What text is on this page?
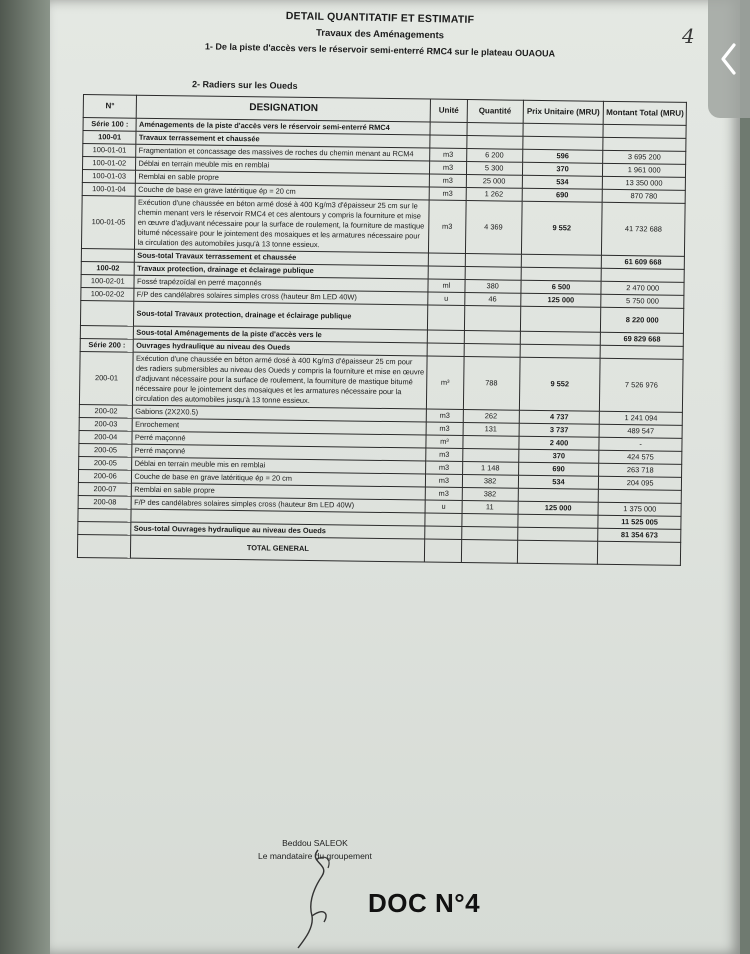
DETAIL QUANTITATIF ET ESTIMATIF
Travaux des Aménagements
1- De la piste d'accès vers le réservoir semi-enterré RMC4 sur le plateau OUAOUA
2- Radiers sur les Oueds
4
N°	DESIGNATION	Unité	Quantité	Prix Unitaire (MRU)	Montant Total (MRU)
Série 100 :	Aménagements de la piste d'accès vers le réservoir semi-enterré RMC4				
100-01	Travaux terrassement et chaussée				
100-01-01	Fragmentation et concassage des massives de roches du chemin menant au RCM4	m3	6 200	596	3 695 200
100-01-02	Déblai en terrain meuble mis en remblai	m3	5 300	370	1 961 000
100-01-03	Remblai en sable propre	m3	25 000	534	13 350 000
100-01-04	Couche de base en grave latéritique ép = 20 cm	m3	1 262	690	870 780
100-01-05	Exécution d'une chaussée en béton armé dosé à 400 Kg/m3 d'épaisseur 25 cm sur le chemin menant vers le réservoir RMC4 et ces alentours y compris la fourniture et mise en œuvre d'adjuvant nécessaire pour la surface de roulement, la fourniture de mastique bitumé nécessaire pour le jointement des mosaiques et les armatures nécessaire pour la circulation des automobiles jusqu'à 13 tonne essieux.	m3	4 369	9 552	41 732 688
	Sous-total Travaux terrassement et chaussée				61 609 668
100-02	Travaux protection, drainage et éclairage publique				
100-02-01	Fossé trapézoïdal en perré maçonnés	ml	380	6 500	2 470 000
100-02-02	F/P des candélabres solaires simples cross (hauteur 8m LED 40W)	u	46	125 000	5 750 000
	Sous-total Travaux protection, drainage et éclairage publique				8 220 000
	Sous-total Aménagements de la piste d'accès vers le				69 829 668
Série 200 :	Ouvrages hydraulique au niveau des Oueds				
200-01	Exécution d'une chaussée en béton armé dosé à 400 Kg/m3 d'épaisseur 25 cm pour des radiers submersibles au niveau des Oueds y compris la fourniture et mise en œuvre d'adjuvant nécessaire pour la surface de roulement, la fourniture de mastique bitumé nécessaire pour le jointement des mosaiques et les armatures nécessaire pour la circulation des automobiles jusqu'à 13 tonne essieux.	m³	788	9 552	7 526 976
200-02	Gabions (2X2X0.5)	m3	262	4 737	1 241 094
200-03	Enrochement	m3	131	3 737	489 547
200-04	Perré maçonné	m³		2 400	-
200-05	Perré maçonné	m3		370	424 575
200-05	Déblai en terrain meuble mis en remblai	m3	1 148	690	263 718
200-06	Couche de base en grave latéritique ép = 20 cm	m3	382	534	204 095
200-07	Remblai en sable propre	m3	382		
200-08	F/P des candélabres solaires simples cross (hauteur 8m LED 40W)	u	11	125 000	1 375 000
					11 525 005
	Sous-total Ouvrages hydraulique au niveau des Oueds				81 354 673
	TOTAL GENERAL				
Beddou SALEOK
Le mandataire du groupement
DOC N°4
